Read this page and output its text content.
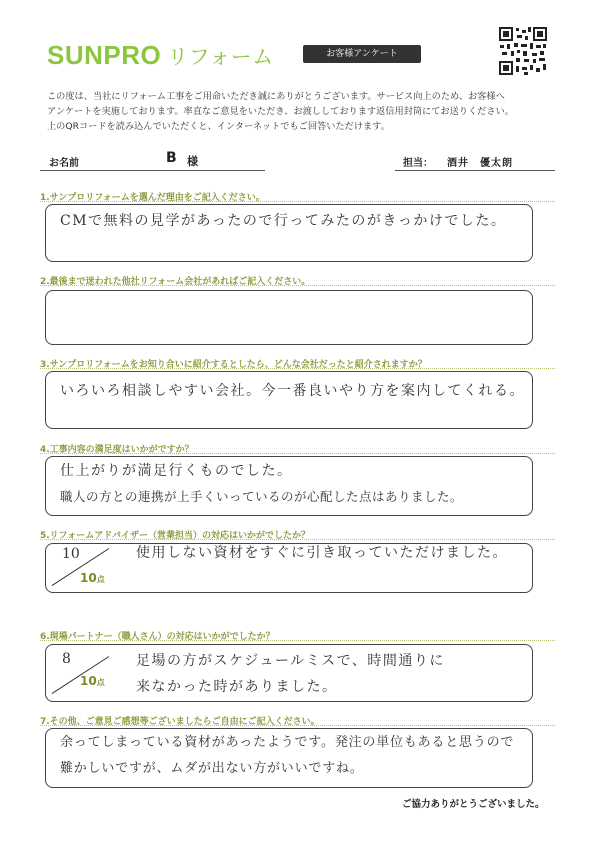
SUNPRO リフォーム	お客様アンケート
この度は、当社にリフォーム工事をご用命いただき誠にありがとうございます。サービス向上のため、お客様へ
アンケートを実施しております。率直なご意見をいただき、お渡ししております返信用封筒にてお送りください。
上のQRコードを読み込んでいただくと、インターネットでもご回答いただけます。
お名前	B 様	担当： 酒井　優太朗
1.サンプロリフォームを選んだ理由をご記入ください。
CMで無料の見学があったので行ってみたのがきっかけでした。
2.最後まで迷われた他社リフォーム会社があればご記入ください。
3.サンプロリフォームをお知り合いに紹介するとしたら、どんな会社だったと紹介されますか？
いろいろ相談しやすい会社。今一番良いやり方を案内してくれる。
4.工事内容の満足度はいかがですか？
仕上がりが満足行くものでした。
職人の方との連携が上手くいっているのが心配した点はありました。
5.リフォームアドバイザー（営業担当）の対応はいかがでしたか？
10
10点
使用しない資材をすぐに引き取っていただけました。
6.現場パートナー（職人さん）の対応はいかがでしたか？
8
10点
足場の方がスケジュールミスで、時間通りに
来なかった時がありました。
7.その他、ご意見ご感想等ございましたらご自由にご記入ください。
余ってしまっている資材があったようです。発注の単位もあると思うので
難かしいですが、ムダが出ない方がいいですね。
ご協力ありがとうございました。
